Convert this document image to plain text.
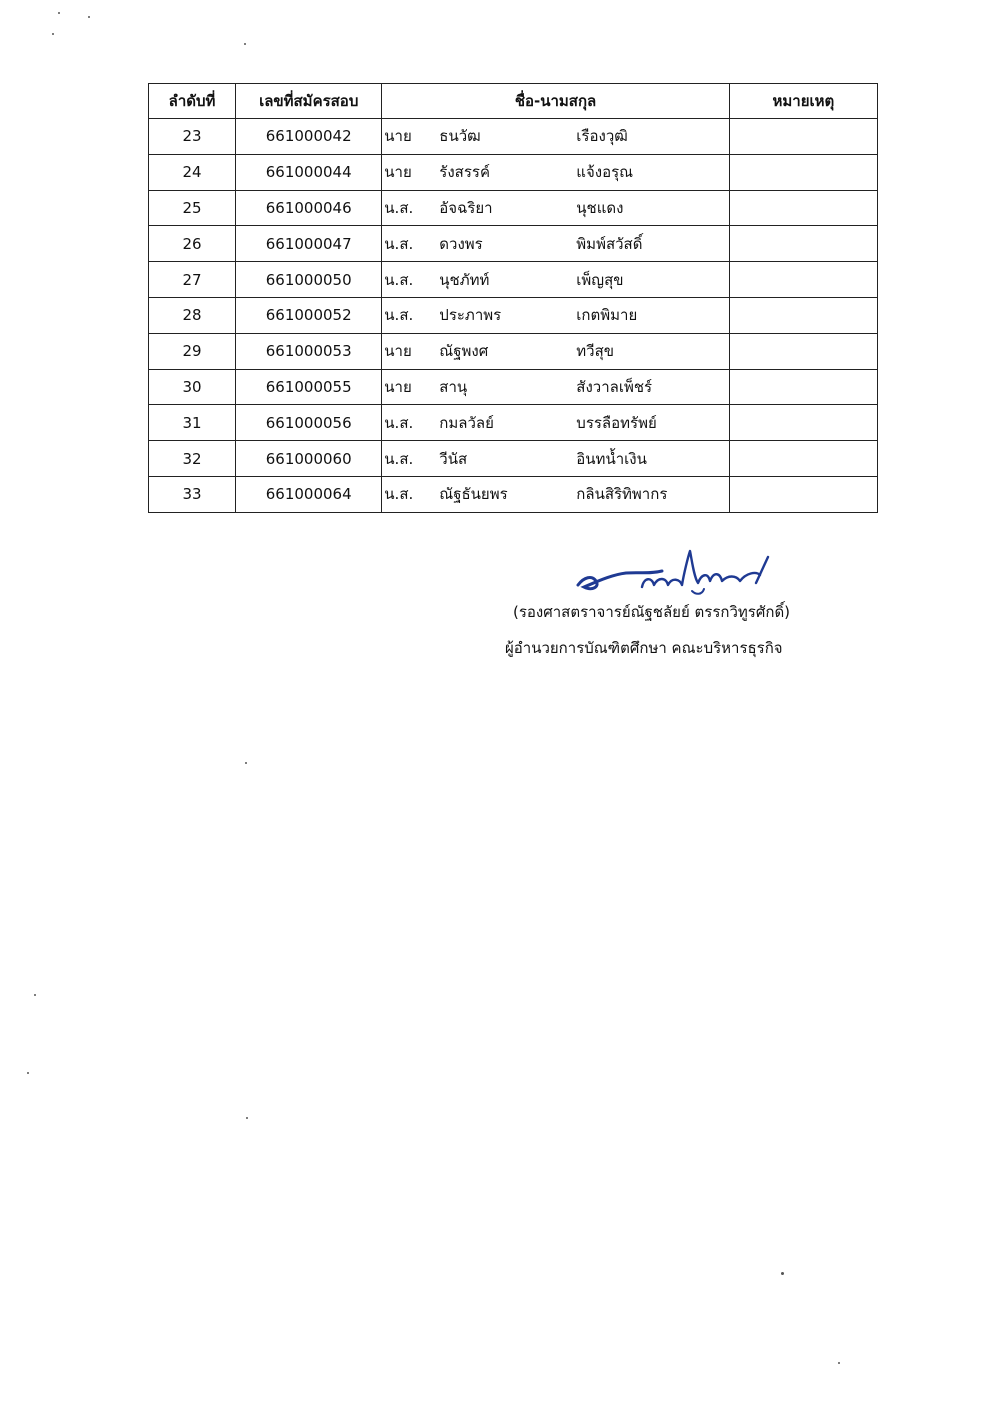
ลำดับที่	เลขที่สมัครสอบ	ชื่อ-นามสกุล	หมายเหตุ
23	661000042	นาย ธนวัฒ เรืองวุฒิ	

24	661000044	นาย รังสรรค์ แจ้งอรุณ	

25	661000046	น.ส. อัจฉริยา นุชแดง	

26	661000047	น.ส. ดวงพร พิมพ์สวัสดิ์	

27	661000050	น.ส. นุชภัทท์ เพ็ญสุข	

28	661000052	น.ส. ประภาพร เกตพิมาย	

29	661000053	นาย ณัฐพงศ ทวีสุข	

30	661000055	นาย สานุ สังวาลเพ็ชร์	

31	661000056	น.ส. กมลวัลย์ บรรลือทรัพย์	

32	661000060	น.ส. วีนัส อินทน้ำเงิน	

33	661000064	น.ส. ณัฐธันยพร กลินสิริทิพากร	

(รองศาสตราจารย์ณัฐชลัยย์ ตรรกวิทูรศักดิ์)
ผู้อำนวยการบัณฑิตศึกษา คณะบริหารธุรกิจ
